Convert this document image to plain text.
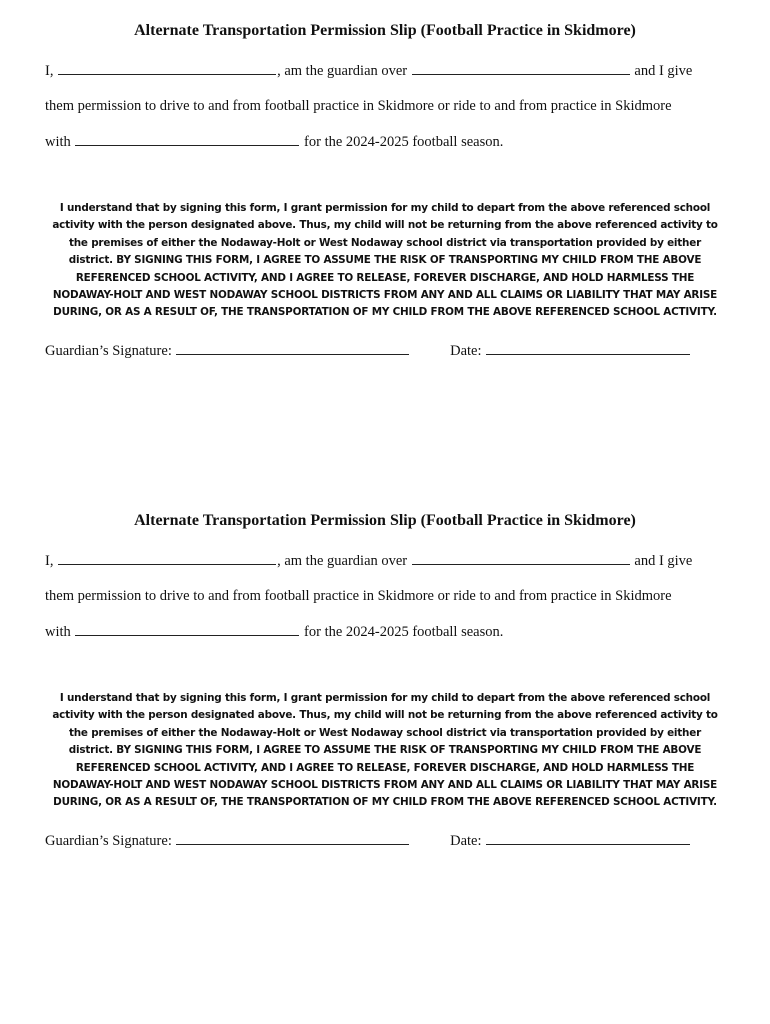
Alternate Transportation Permission Slip (Football Practice in Skidmore)

I,	, am the guardian over	and I give

them permission to drive to and from football practice in Skidmore or ride to and from practice in Skidmore

with	for the 2024-2025 football season.

I understand that by signing this form, I grant permission for my child to depart from the above referenced school
activity with the person designated above. Thus, my child will not be returning from the above referenced activity to
the premises of either the Nodaway-Holt or West Nodaway school district via transportation provided by either
district. BY SIGNING THIS FORM, I AGREE TO ASSUME THE RISK OF TRANSPORTING MY CHILD FROM THE ABOVE
REFERENCED SCHOOL ACTIVITY, AND I AGREE TO RELEASE, FOREVER DISCHARGE, AND HOLD HARMLESS THE
NODAWAY-HOLT AND WEST NODAWAY SCHOOL DISTRICTS FROM ANY AND ALL CLAIMS OR LIABILITY THAT MAY ARISE
DURING, OR AS A RESULT OF, THE TRANSPORTATION OF MY CHILD FROM THE ABOVE REFERENCED SCHOOL ACTIVITY.
Guardian’s Signature:	Date:
Alternate Transportation Permission Slip (Football Practice in Skidmore)

I,	, am the guardian over	and I give

them permission to drive to and from football practice in Skidmore or ride to and from practice in Skidmore

with	for the 2024-2025 football season.

I understand that by signing this form, I grant permission for my child to depart from the above referenced school
activity with the person designated above. Thus, my child will not be returning from the above referenced activity to
the premises of either the Nodaway-Holt or West Nodaway school district via transportation provided by either
district. BY SIGNING THIS FORM, I AGREE TO ASSUME THE RISK OF TRANSPORTING MY CHILD FROM THE ABOVE
REFERENCED SCHOOL ACTIVITY, AND I AGREE TO RELEASE, FOREVER DISCHARGE, AND HOLD HARMLESS THE
NODAWAY-HOLT AND WEST NODAWAY SCHOOL DISTRICTS FROM ANY AND ALL CLAIMS OR LIABILITY THAT MAY ARISE
DURING, OR AS A RESULT OF, THE TRANSPORTATION OF MY CHILD FROM THE ABOVE REFERENCED SCHOOL ACTIVITY.
Guardian’s Signature:	Date:
